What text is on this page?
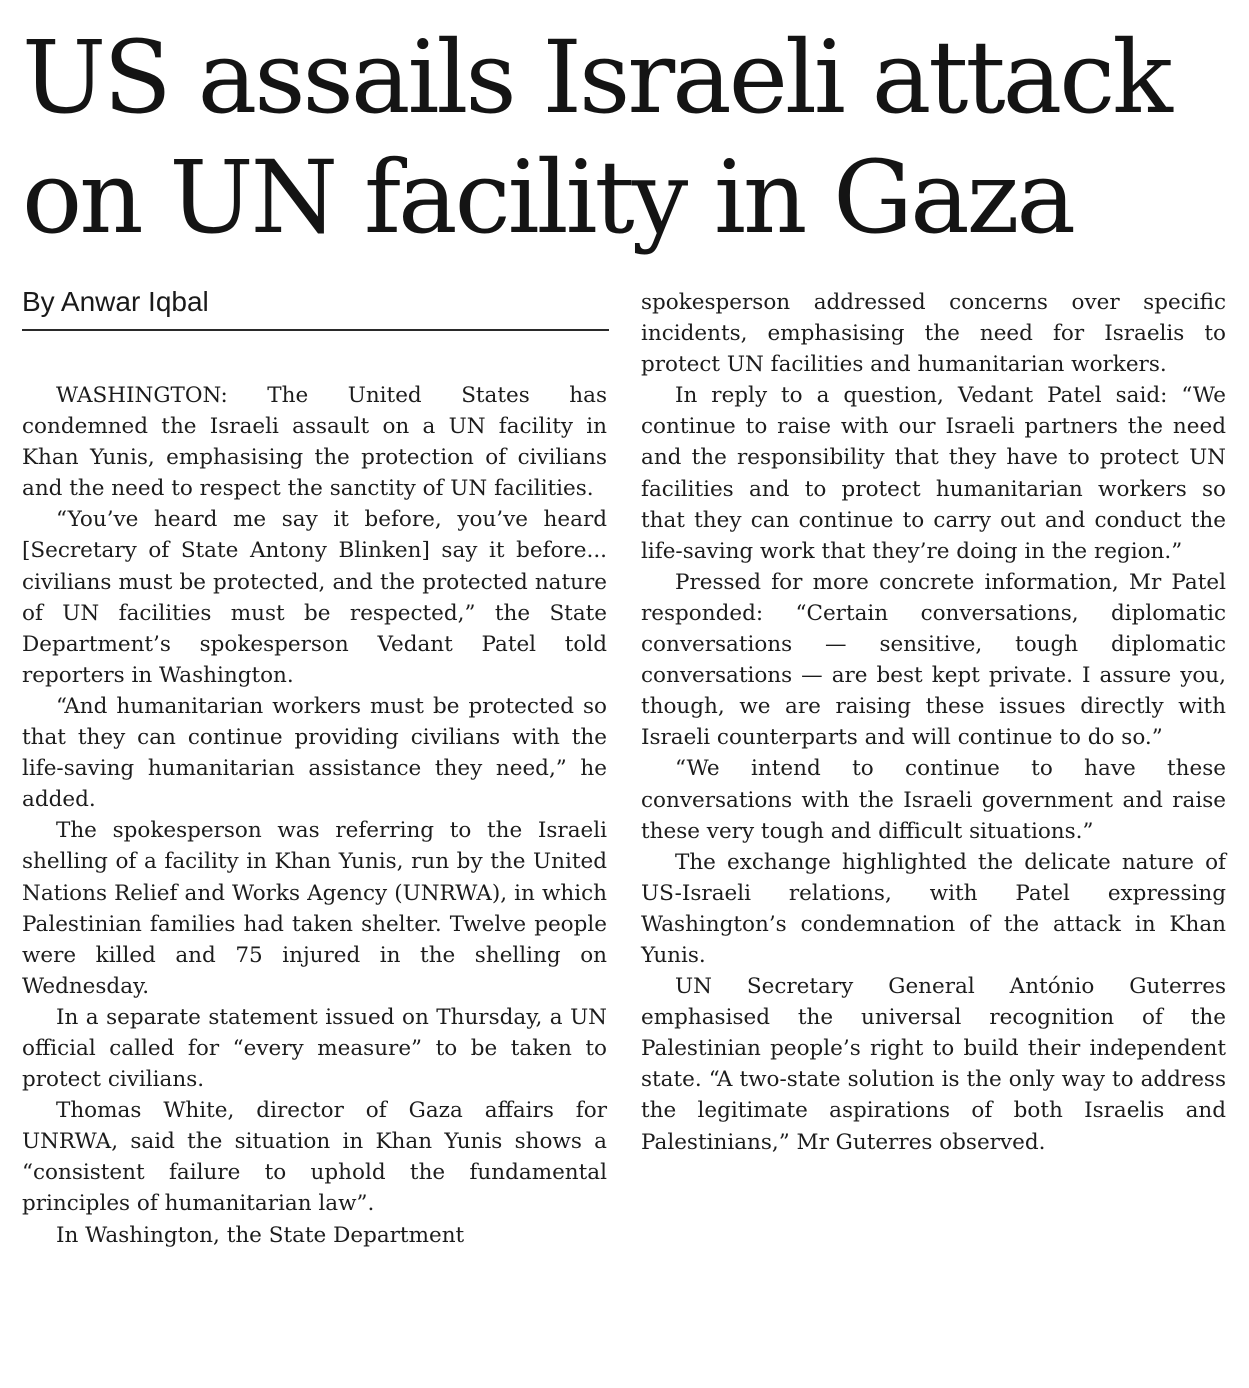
US assails Israeli attack
on UN facility in Gaza
By Anwar Iqbal

WASHINGTON: The United States has condemned the Israeli assault on a UN facility in Khan Yunis, emphasising the protection of civilians and the need to respect the sanctity of UN facilities.

“You’ve heard me say it before, you’ve heard [Secretary of State Antony Blinken] say it before... civilians must be protected, and the protected nature of UN facilities must be respected,” the State Department’s spokesperson Vedant Patel told reporters in Washington.

“And humanitarian workers must be protected so that they can continue providing civilians with the life-saving humanitarian assistance they need,” he added.

The spokesperson was referring to the Israeli shelling of a facility in Khan Yunis, run by the United Nations Relief and Works Agency (UNRWA), in which Palestinian families had taken shelter. Twelve people were killed and 75 injured in the shelling on Wednesday.

In a separate statement issued on Thursday, a UN official called for “every measure” to be taken to protect civilians.

Thomas White, director of Gaza affairs for UNRWA, said the situation in Khan Yunis shows a “consistent failure to uphold the fundamental principles of humanitarian law”.

In Washington, the State Department

spokesperson addressed concerns over specific incidents, emphasising the need for Israelis to protect UN facilities and humanitarian workers.

In reply to a question, Vedant Patel said: “We continue to raise with our Israeli partners the need and the responsibility that they have to protect UN facilities and to protect humanitarian workers so that they can continue to carry out and conduct the life-saving work that they’re doing in the region.”

Pressed for more concrete information, Mr Patel responded: “Certain conversations, diplomatic conversations — sensitive, tough diplomatic conversations — are best kept private. I assure you, though, we are raising these issues directly with Israeli counterparts and will continue to do so.”

“We intend to continue to have these conversations with the Israeli government and raise these very tough and difficult situations.”

The exchange highlighted the delicate nature of US-Israeli relations, with Patel expressing Washington’s condemnation of the attack in Khan Yunis.

UN Secretary General António Guterres emphasised the universal recognition of the Palestinian people’s right to build their independent state. “A two-state solution is the only way to address the legitimate aspirations of both Israelis and Palestinians,” Mr Guterres observed.
